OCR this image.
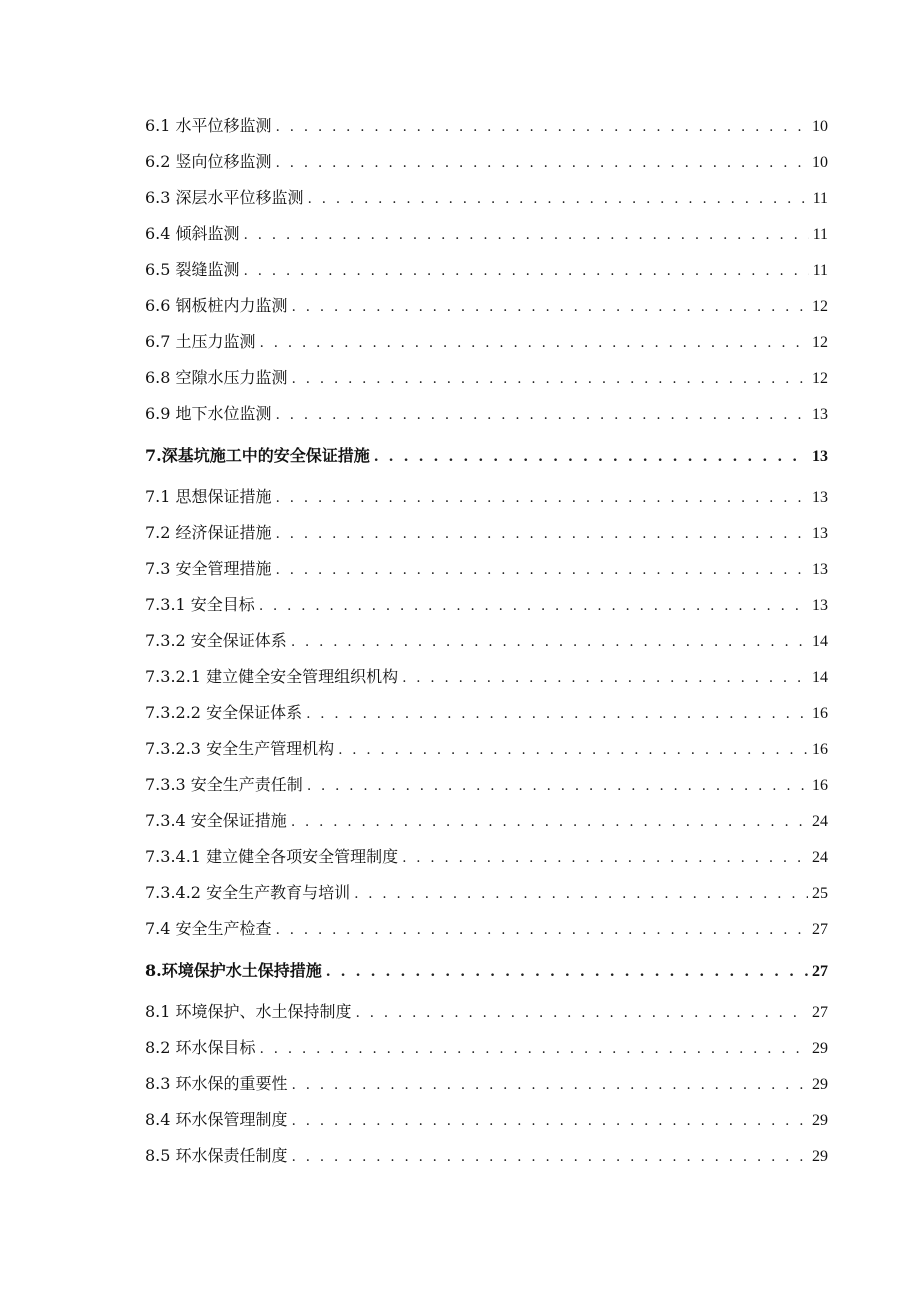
6.1 水平位移监测 . . .	10
6.2 竖向位移监测 . . .	10
6.3 深层水平位移监测 . . .	11
6.4 倾斜监测 . . .	11
6.5 裂缝监测 . . .	11
6.6 钢板桩内力监测 . . .	12
6.7 土压力监测 . . .	12
6.8 空隙水压力监测 . . .	12
6.9 地下水位监测 . . .	13
7.深基坑施工中的安全保证措施 . . .	13
7.1 思想保证措施 . . .	13
7.2 经济保证措施 . . .	13
7.3 安全管理措施 . . .	13
7.3.1 安全目标 . . .	13
7.3.2 安全保证体系 . . .	14
7.3.2.1 建立健全安全管理组织机构 . . .	14
7.3.2.2 安全保证体系 . . .	16
7.3.2.3 安全生产管理机构 . . .	16
7.3.3 安全生产责任制 . . .	16
7.3.4 安全保证措施 . . .	24
7.3.4.1 建立健全各项安全管理制度 . . .	24
7.3.4.2 安全生产教育与培训 . . .	25
7.4 安全生产检查 . . .	27
8.环境保护水土保持措施 . . .	27
8.1 环境保护、水土保持制度 . . .	27
8.2 环水保目标 . . .	29
8.3 环水保的重要性 . . .	29
8.4 环水保管理制度 . . .	29
8.5 环水保责任制度 . . .	29
